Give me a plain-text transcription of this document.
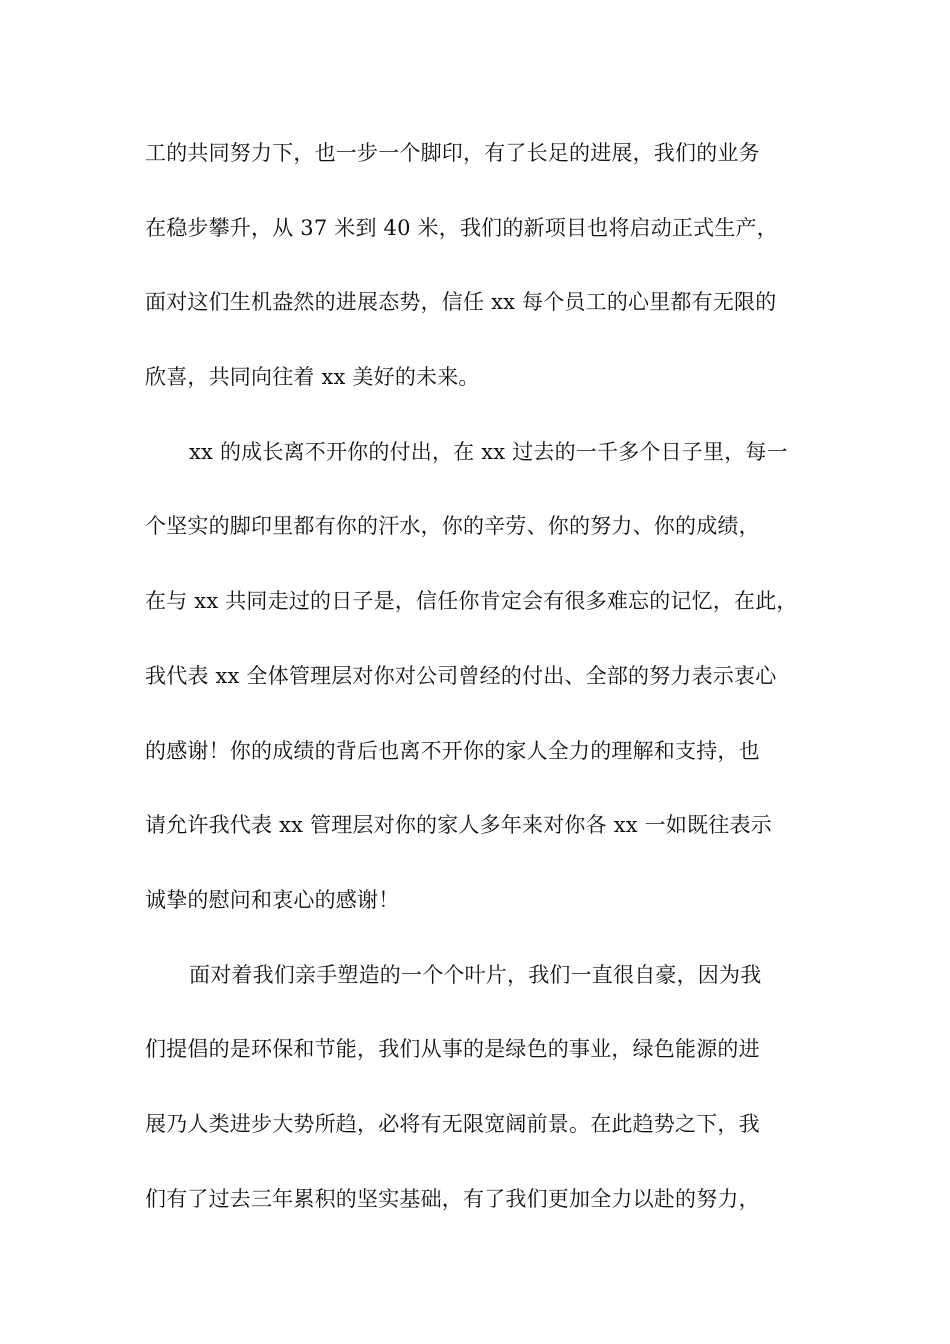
工的共同努力下，也一步一个脚印，有了长足的进展，我们的业务
在稳步攀升，从 37 米到 40 米，我们的新项目也将启动正式生产，
面对这们生机盎然的进展态势，信任 xx 每个员工的心里都有无限的
欣喜，共同向往着 xx 美好的未来。
xx 的成长离不开你的付出，在 xx 过去的一千多个日子里，每一
个坚实的脚印里都有你的汗水，你的辛劳、你的努力、你的成绩，
在与 xx 共同走过的日子是，信任你肯定会有很多难忘的记忆，在此，
我代表 xx 全体管理层对你对公司曾经的付出、全部的努力表示衷心
的感谢！你的成绩的背后也离不开你的家人全力的理解和支持，也
请允许我代表 xx 管理层对你的家人多年来对你各 xx 一如既往表示
诚挚的慰问和衷心的感谢！
面对着我们亲手塑造的一个个叶片，我们一直很自豪，因为我
们提倡的是环保和节能，我们从事的是绿色的事业，绿色能源的进
展乃人类进步大势所趋，必将有无限宽阔前景。在此趋势之下，我
们有了过去三年累积的坚实基础，有了我们更加全力以赴的努力，
